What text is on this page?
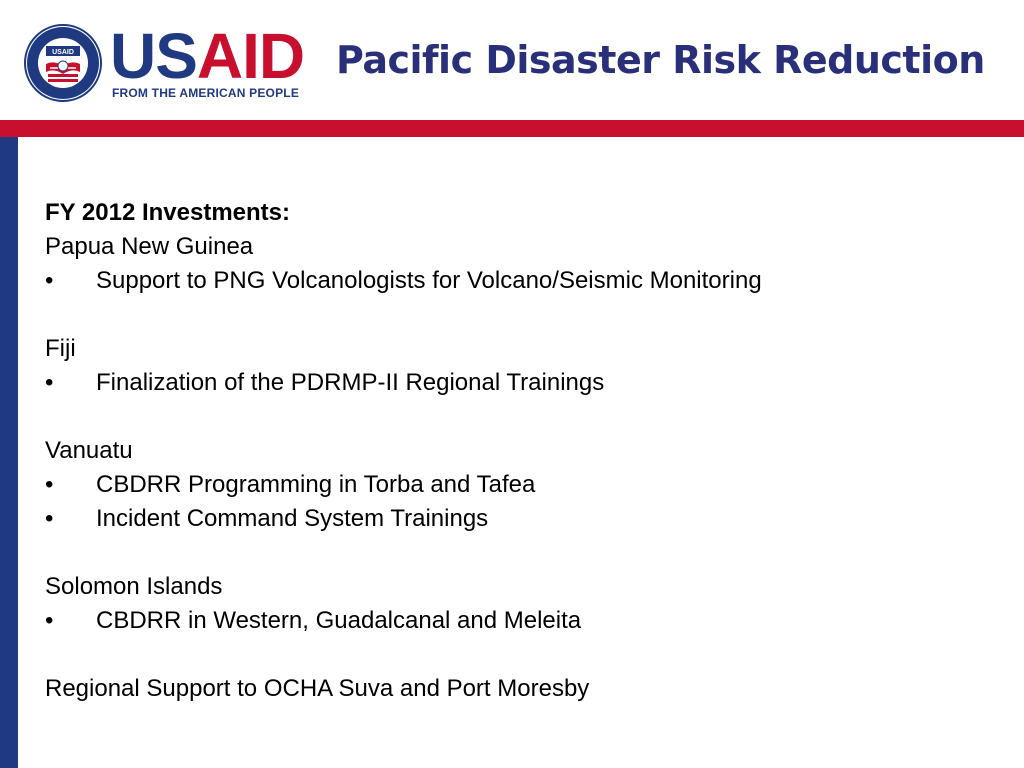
USAID USAID
FROM THE AMERICAN PEOPLE
Pacific Disaster Risk Reduction
FY 2012 Investments:
Papua New Guinea
• Support to PNG Volcanologists for Volcano/Seismic Monitoring
Fiji
• Finalization of the PDRMP-II Regional Trainings
Vanuatu
• CBDRR Programming in Torba and Tafea
• Incident Command System Trainings
Solomon Islands
• CBDRR in Western, Guadalcanal and Meleita
Regional Support to OCHA Suva and Port Moresby
